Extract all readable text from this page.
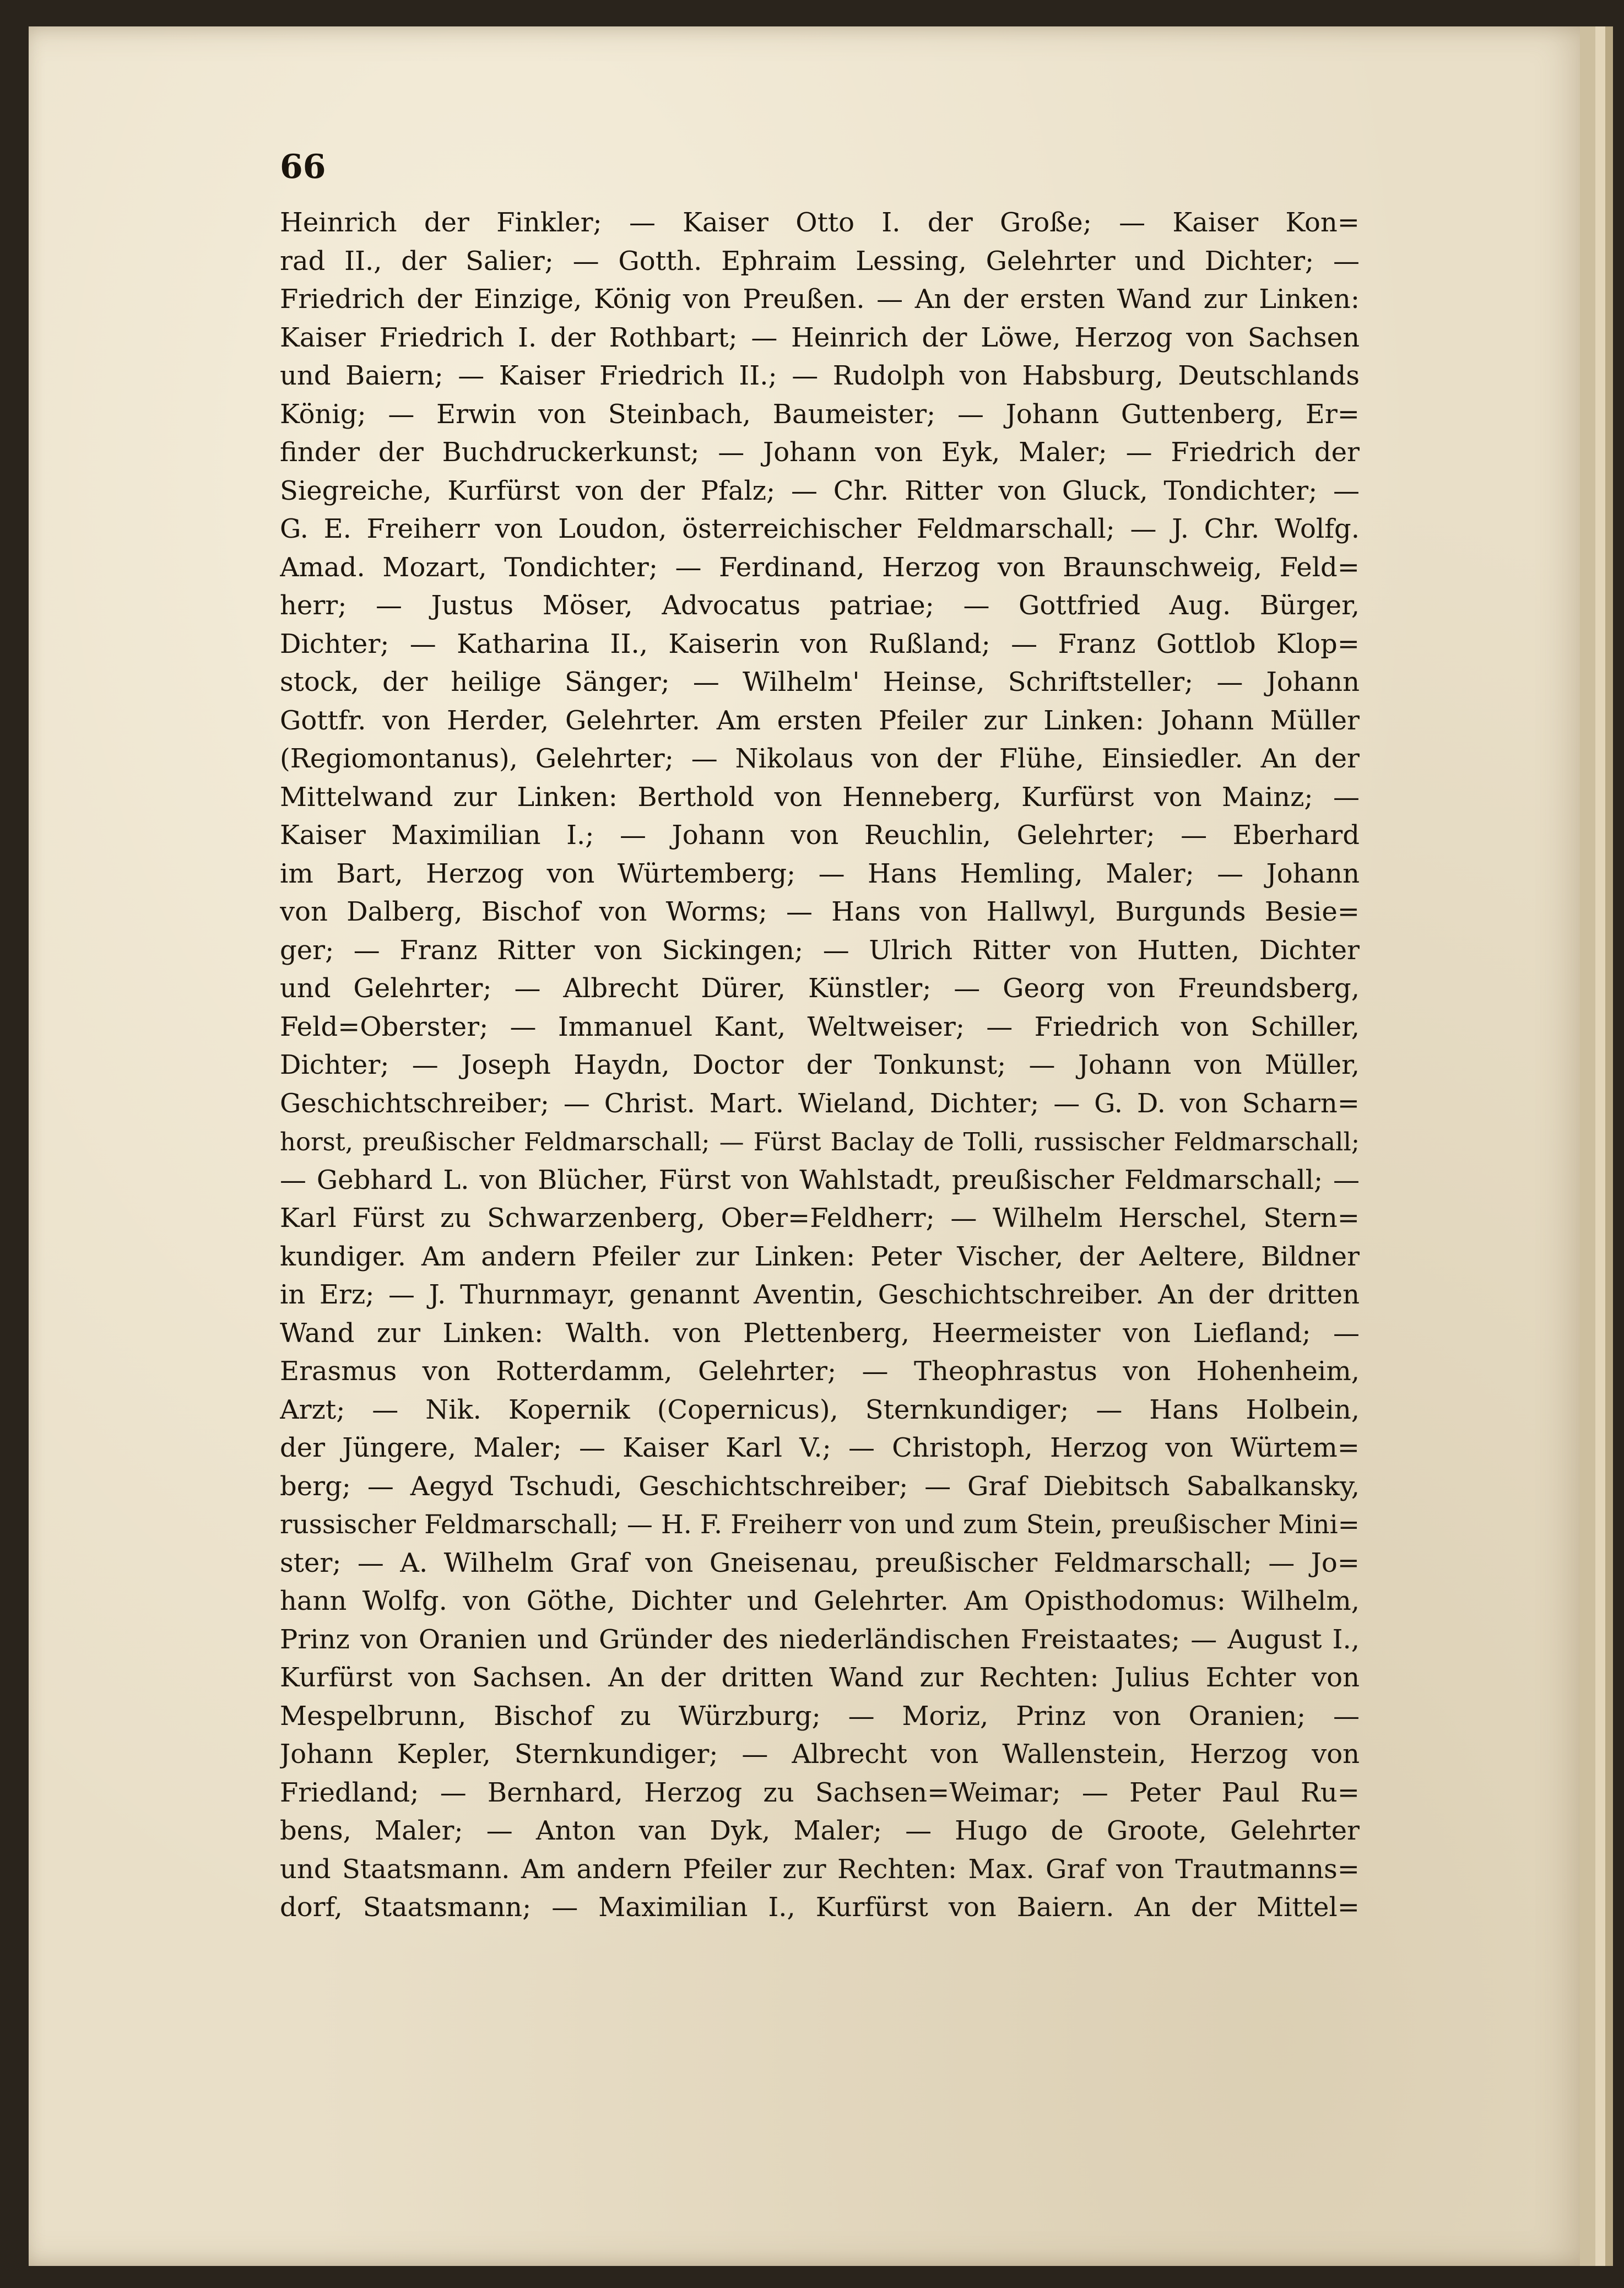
66
Heinrich der Finkler; — Kaiser Otto I. der Große; — Kaiser Kon=
rad II., der Salier; — Gotth. Ephraim Lessing, Gelehrter und Dichter; —
Friedrich der Einzige, König von Preußen. — An der ersten Wand zur Linken:
Kaiser Friedrich I. der Rothbart; — Heinrich der Löwe, Herzog von Sachsen
und Baiern; — Kaiser Friedrich II.; — Rudolph von Habsburg, Deutschlands
König; — Erwin von Steinbach, Baumeister; — Johann Guttenberg, Er=
finder der Buchdruckerkunst; — Johann von Eyk, Maler; — Friedrich der
Siegreiche, Kurfürst von der Pfalz; — Chr. Ritter von Gluck, Tondichter; —
G. E. Freiherr von Loudon, österreichischer Feldmarschall; — J. Chr. Wolfg.
Amad. Mozart, Tondichter; — Ferdinand, Herzog von Braunschweig, Feld=
herr; — Justus Möser, Advocatus patriae; — Gottfried Aug. Bürger,
Dichter; — Katharina II., Kaiserin von Rußland; — Franz Gottlob Klop=
stock, der heilige Sänger; — Wilhelm' Heinse, Schriftsteller; — Johann
Gottfr. von Herder, Gelehrter. Am ersten Pfeiler zur Linken: Johann Müller
(Regiomontanus), Gelehrter; — Nikolaus von der Flühe, Einsiedler. An der
Mittelwand zur Linken: Berthold von Henneberg, Kurfürst von Mainz; —
Kaiser Maximilian I.; — Johann von Reuchlin, Gelehrter; — Eberhard
im Bart, Herzog von Würtemberg; — Hans Hemling, Maler; — Johann
von Dalberg, Bischof von Worms; — Hans von Hallwyl, Burgunds Besie=
ger; — Franz Ritter von Sickingen; — Ulrich Ritter von Hutten, Dichter
und Gelehrter; — Albrecht Dürer, Künstler; — Georg von Freundsberg,
Feld=Oberster; — Immanuel Kant, Weltweiser; — Friedrich von Schiller,
Dichter; — Joseph Haydn, Doctor der Tonkunst; — Johann von Müller,
Geschichtschreiber; — Christ. Mart. Wieland, Dichter; — G. D. von Scharn=
horst, preußischer Feldmarschall; — Fürst Baclay de Tolli, russischer Feldmarschall;
— Gebhard L. von Blücher, Fürst von Wahlstadt, preußischer Feldmarschall; —
Karl Fürst zu Schwarzenberg, Ober=Feldherr; — Wilhelm Herschel, Stern=
kundiger. Am andern Pfeiler zur Linken: Peter Vischer, der Aeltere, Bildner
in Erz; — J. Thurnmayr, genannt Aventin, Geschichtschreiber. An der dritten
Wand zur Linken: Walth. von Plettenberg, Heermeister von Liefland; —
Erasmus von Rotterdamm, Gelehrter; — Theophrastus von Hohenheim,
Arzt; — Nik. Kopernik (Copernicus), Sternkundiger; — Hans Holbein,
der Jüngere, Maler; — Kaiser Karl V.; — Christoph, Herzog von Würtem=
berg; — Aegyd Tschudi, Geschichtschreiber; — Graf Diebitsch Sabalkansky,
russischer Feldmarschall; — H. F. Freiherr von und zum Stein, preußischer Mini=
ster; — A. Wilhelm Graf von Gneisenau, preußischer Feldmarschall; — Jo=
hann Wolfg. von Göthe, Dichter und Gelehrter. Am Opisthodomus: Wilhelm,
Prinz von Oranien und Gründer des niederländischen Freistaates; — August I.,
Kurfürst von Sachsen. An der dritten Wand zur Rechten: Julius Echter von
Mespelbrunn, Bischof zu Würzburg; — Moriz, Prinz von Oranien; —
Johann Kepler, Sternkundiger; — Albrecht von Wallenstein, Herzog von
Friedland; — Bernhard, Herzog zu Sachsen=Weimar; — Peter Paul Ru=
bens, Maler; — Anton van Dyk, Maler; — Hugo de Groote, Gelehrter
und Staatsmann. Am andern Pfeiler zur Rechten: Max. Graf von Trautmanns=
dorf, Staatsmann; — Maximilian I., Kurfürst von Baiern. An der Mittel=
